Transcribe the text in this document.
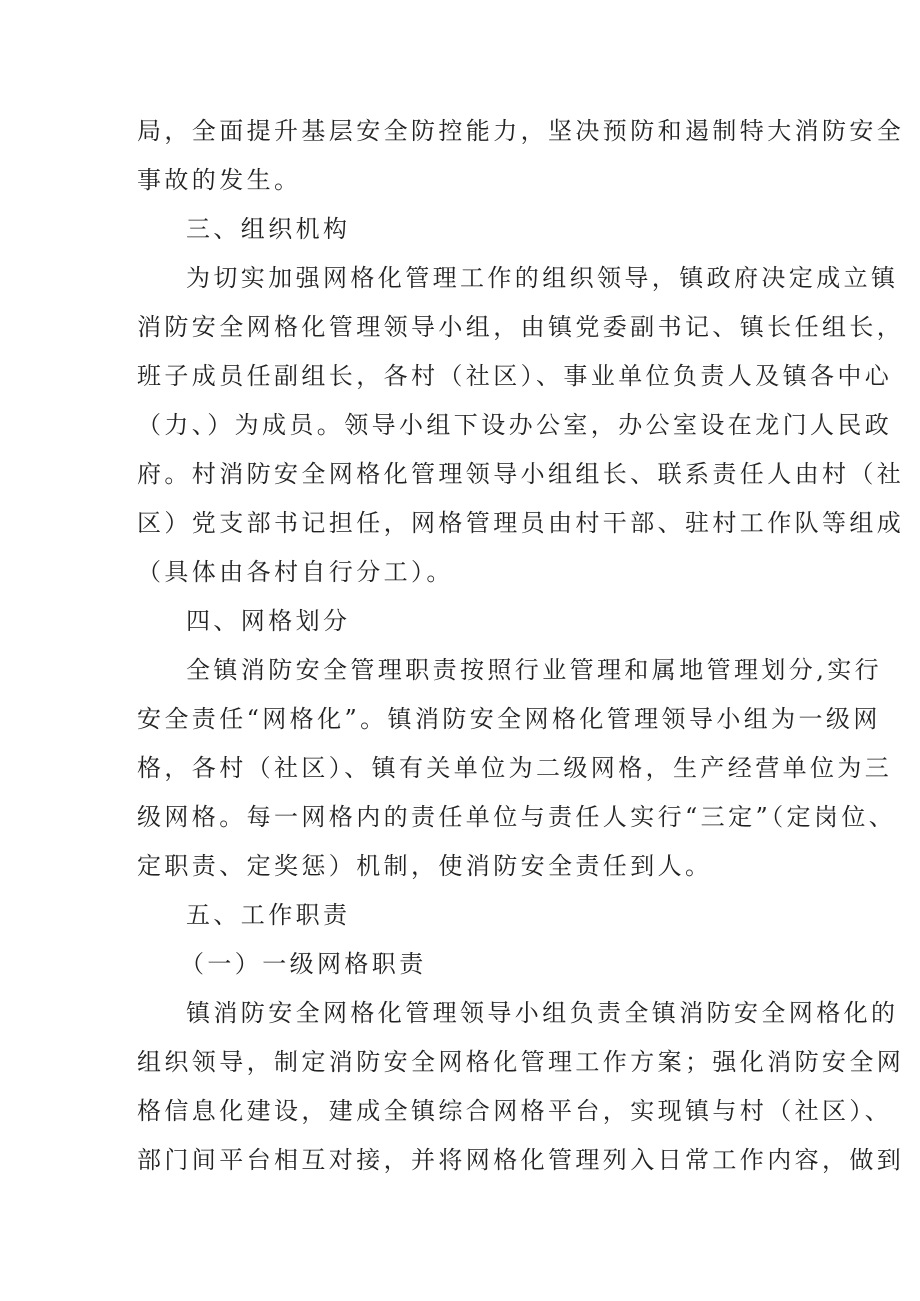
局，全面提升基层安全防控能力，坚决预防和遏制特大消防安全
事故的发生。
三、组织机构
为切实加强网格化管理工作的组织领导，镇政府决定成立镇
消防安全网格化管理领导小组，由镇党委副书记、镇长任组长，
班子成员任副组长，各村（社区）、事业单位负责人及镇各中心
（力、）为成员。领导小组下设办公室，办公室设在龙门人民政
府。村消防安全网格化管理领导小组组长、联系责任人由村（社
区）党支部书记担任，网格管理员由村干部、驻村工作队等组成
（具体由各村自行分工）。
四、网格划分
全镇消防安全管理职责按照行业管理和属地管理划分,实行
安全责任“网格化”。镇消防安全网格化管理领导小组为一级网
格，各村（社区）、镇有关单位为二级网格，生产经营单位为三
级网格。每一网格内的责任单位与责任人实行“三定”（定岗位、
定职责、定奖惩）机制，使消防安全责任到人。
五、工作职责
（一）一级网格职责
镇消防安全网格化管理领导小组负责全镇消防安全网格化的
组织领导，制定消防安全网格化管理工作方案；强化消防安全网
格信息化建设，建成全镇综合网格平台，实现镇与村（社区）、
部门间平台相互对接，并将网格化管理列入日常工作内容，做到
